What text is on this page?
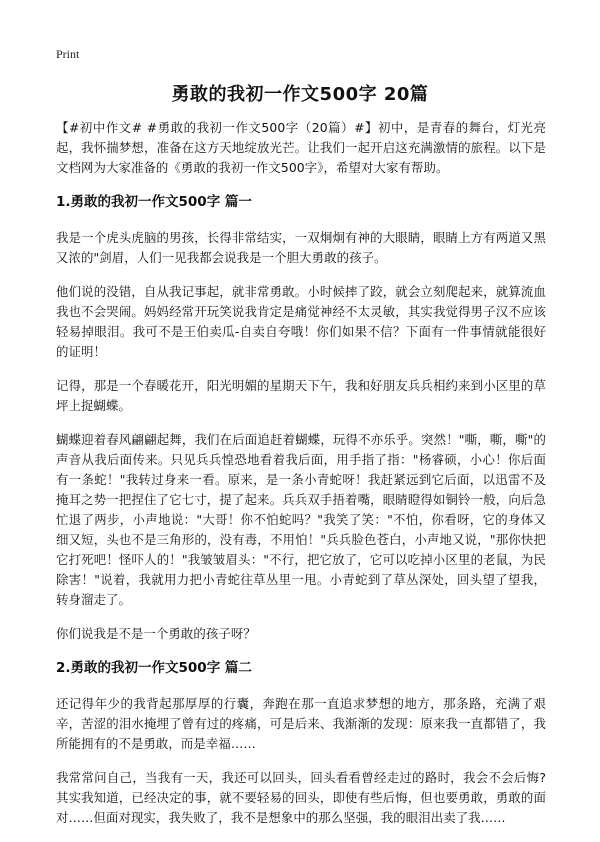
Print
勇敢的我初一作文500字 20篇

【#初中作文# #勇敢的我初一作文500字（20篇）#】初中，是青春的舞台，灯光亮起，我怀揣梦想，准备在这方天地绽放光芒。让我们一起开启这充满激情的旅程。以下是文档网为大家准备的《勇敢的我初一作文500字》，希望对大家有帮助。

1.勇敢的我初一作文500字 篇一

我是一个虎头虎脑的男孩，长得非常结实，一双炯炯有神的大眼睛，眼睛上方有两道又黑又浓的"剑眉，人们一见我都会说我是一个胆大勇敢的孩子。

他们说的没错，自从我记事起，就非常勇敢。小时候摔了跤，就会立刻爬起来，就算流血我也不会哭闹。妈妈经常开玩笑说我肯定是痛觉神经不太灵敏，其实我觉得男子汉不应该轻易掉眼泪。我可不是王伯卖瓜-自卖自夸哦！你们如果不信？下面有一件事情就能很好的证明！

记得，那是一个春暖花开，阳光明媚的星期天下午，我和好朋友兵兵相约来到小区里的草坪上捉蝴蝶。

蝴蝶迎着春风翩翩起舞，我们在后面追赶着蝴蝶，玩得不亦乐乎。突然！"嘶，嘶，嘶"的声音从我后面传来。只见兵兵惶恐地看着我后面，用手指了指："杨睿硕，小心！你后面有一条蛇！"我转过身来一看。原来，是一条小青蛇呀！我赶紧远到它后面，以迅雷不及掩耳之势一把捏住了它七寸，提了起来。兵兵双手捂着嘴，眼睛瞪得如铜铃一般，向后急忙退了两步，小声地说："大哥！你不怕蛇吗？"我笑了笑："不怕，你看呀，它的身体又细又短，头也不是三角形的，没有毒，不用怕！"兵兵脸色苍白，小声地又说，"那你快把它打死吧！怪吓人的！"我皱皱眉头："不行，把它放了，它可以吃掉小区里的老鼠，为民除害！"说着，我就用力把小青蛇往草丛里一甩。小青蛇到了草丛深处，回头望了望我，转身溜走了。

你们说我是不是一个勇敢的孩子呀？

2.勇敢的我初一作文500字 篇二

还记得年少的我背起那厚厚的行囊，奔跑在那一直追求梦想的地方，那条路，充满了艰辛，苦涩的泪水掩埋了曾有过的疼痛，可是后来、我渐渐的发现：原来我一直都错了，我所能拥有的不是勇敢，而是幸福……

我常常问自己，当我有一天，我还可以回头，回头看看曾经走过的路时，我会不会后悔?其实我知道，已经决定的事，就不要轻易的回头，即使有些后悔，但也要勇敢，勇敢的面对……但面对现实，我失败了，我不是想象中的那么坚强，我的眼泪出卖了我……
